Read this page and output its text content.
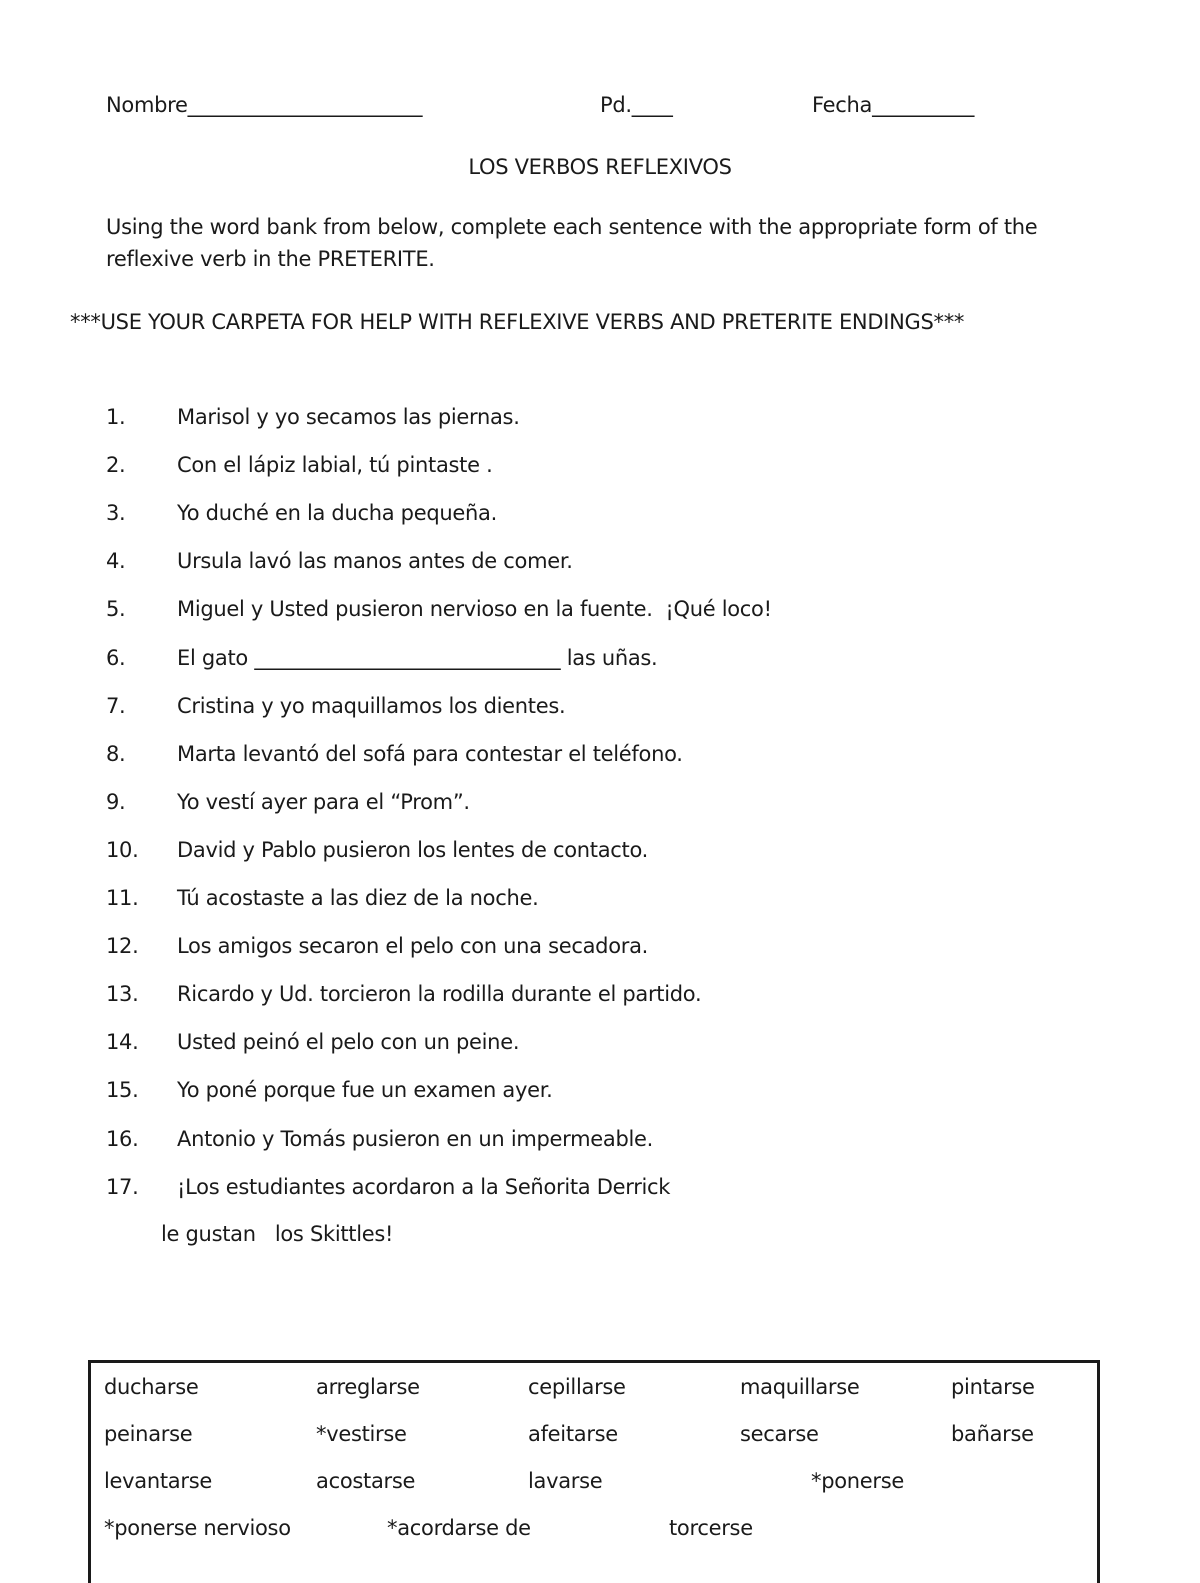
Nombre_______________________	Pd.____	Fecha__________
LOS VERBOS REFLEXIVOS
Using the word bank from below, complete each sentence with the appropriate form of the reflexive verb in the PRETERITE.
***USE YOUR CARPETA FOR HELP WITH REFLEXIVE VERBS AND PRETERITE ENDINGS***
1. Marisol y yo secamos las piernas.
2. Con el lápiz labial, tú pintaste .
3. Yo duché en la ducha pequeña.
4. Ursula lavó las manos antes de comer.
5. Miguel y Usted pusieron nervioso en la fuente.  ¡Qué loco!
6. El gato ______________________________ las uñas.
7. Cristina y yo maquillamos los dientes.
8. Marta levantó del sofá para contestar el teléfono.
9. Yo vestí ayer para el “Prom”.
10. David y Pablo pusieron los lentes de contacto.
11. Tú acostaste a las diez de la noche.
12. Los amigos secaron el pelo con una secadora.
13. Ricardo y Ud. torcieron la rodilla durante el partido.
14. Usted peinó el pelo con un peine.
15. Yo poné porque fue un examen ayer.
16. Antonio y Tomás pusieron en un impermeable.
17. ¡Los estudiantes acordaron a la Señorita Derrick
le gustan   los Skittles!
ducharse	arreglarse	cepillarse	maquillarse	pintarse
peinarse	*vestirse	afeitarse	secarse	bañarse
levantarse	acostarse	lavarse	*ponerse
*ponerse nervioso	*acordarse de	torcerse
